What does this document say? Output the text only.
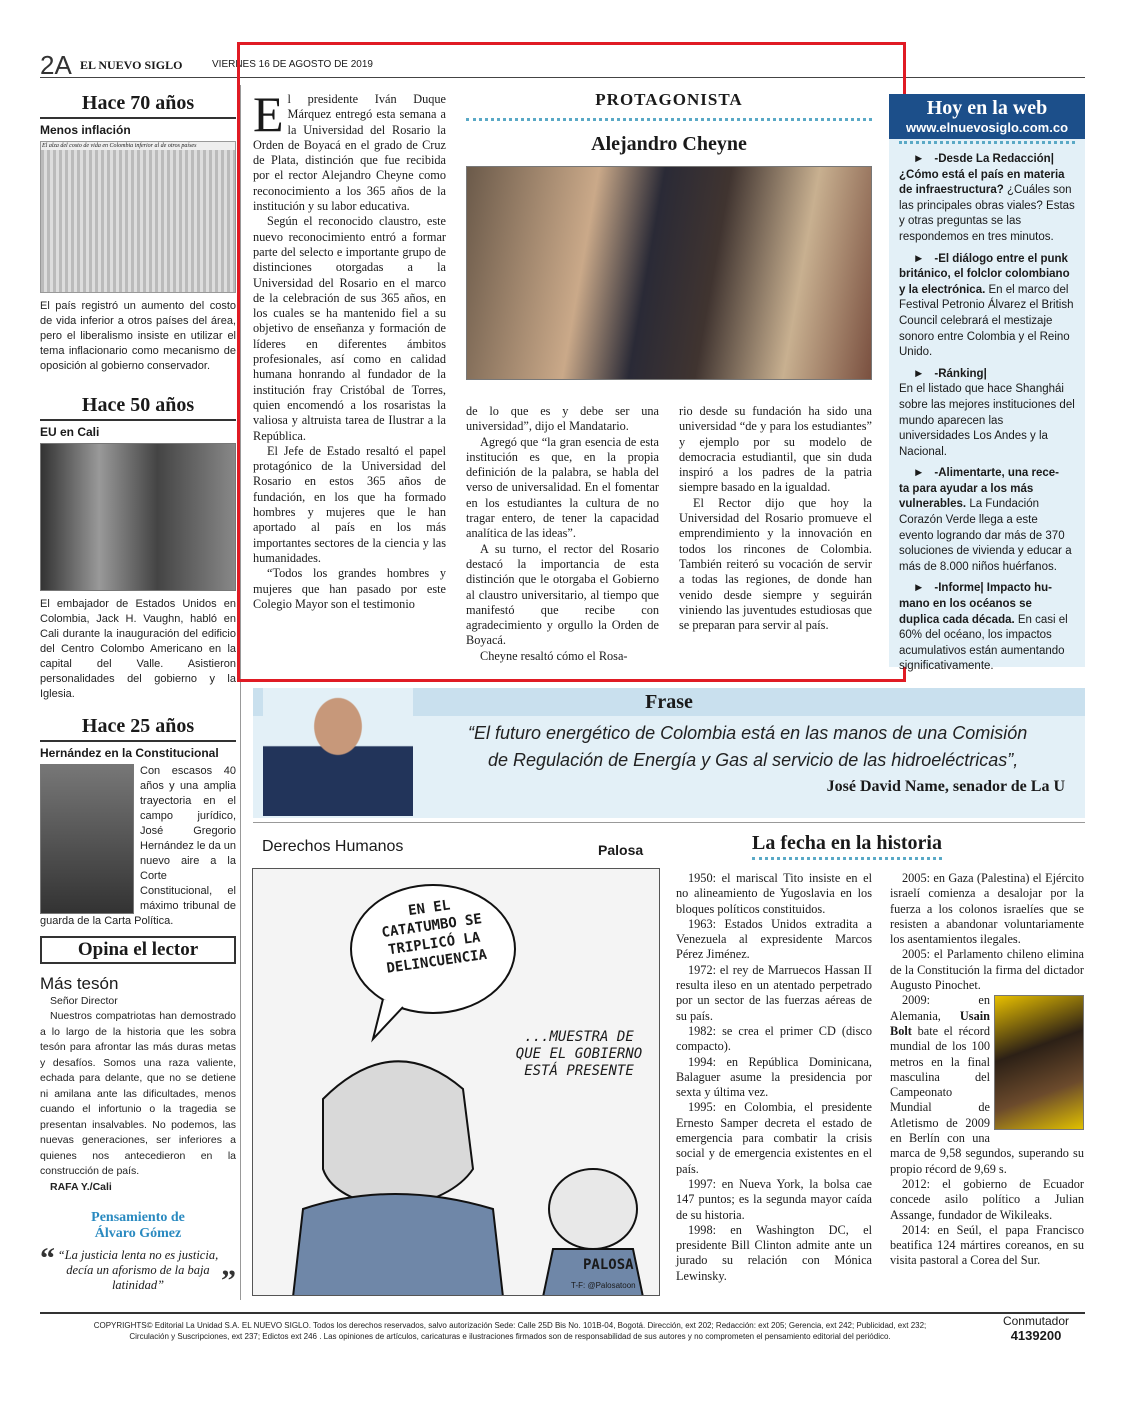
2A EL NUEVO SIGLO	VIERNES 16 DE AGOSTO DE 2019
Hace 70 años
Menos inflación
El alza del costo de vida en Colombia inferior al de otros países
El país registró un aumento del costo de vida inferior a otros países del área, pero el liberalismo insiste en utilizar el tema inflacionario como mecanismo de oposición al gobierno conservador.
Hace 50 años
EU en Cali
El embajador de Estados Unidos en Colombia, Jack H. Vaughn, habló en Cali durante la inauguración del edificio del Centro Colombo Americano en la capital del Valle. Asistieron personalidades del gobierno y la Iglesia.
Hace 25 años
Hernández en la Constitucional
Con escasos 40 años y una amplia trayectoria en el campo jurídico, José Gregorio Hernández le da un nuevo aire a la Corte Constitucional, el máximo tribunal de guarda de la Carta Política.
Opina el lector
Más tesón
Señor Director
Nuestros compatriotas han demostrado a lo largo de la historia que les sobra tesón para afrontar las más duras metas y desafíos. Somos una raza valiente, echada para delante, que no se detiene ni amilana ante las dificultades, menos cuando el infortunio o la tragedia se presentan insalvables. No podemos, las nuevas generaciones, ser inferiores a quienes nos antecedieron en la construcción de país.
RAFA Y./Cali
Pensamiento de
Álvaro Gómez
“ “La justicia lenta no es justicia, decía un aforismo de la baja latinidad”	”

El presidente Iván Duque Márquez entregó esta semana a la Universidad del Rosario la Orden de Boyacá en el grado de Cruz de Plata, distinción que fue recibida por el rector Alejandro Cheyne como reconocimiento a los 365 años de la institución y su labor educativa.

Según el reconocido claustro, este nuevo reconocimiento entró a formar parte del selecto e importante grupo de distinciones otorgadas a la Universidad del Rosario en el marco de la celebración de sus 365 años, en los cuales se ha mantenido fiel a su objetivo de enseñanza y formación de líderes en diferentes ámbitos profesionales, así como en calidad humana honrando al fundador de la institución fray Cristóbal de Torres, quien encomendó a los rosaristas la valiosa y altruista tarea de Ilustrar a la República.

El Jefe de Estado resaltó el papel protagónico de la Universidad del Rosario en estos 365 años de fundación, en los que ha formado hombres y mujeres que le han aportado al país en los más importantes sectores de la ciencia y las humanidades.

“Todos los grandes hombres y mujeres que han pasado por este Colegio Mayor son el testimonio

PROTAGONISTA
Alejandro Cheyne

de lo que es y debe ser una universidad”, dijo el Mandatario.

Agregó que “la gran esencia de esta institución es que, en la propia definición de la palabra, se habla del verso de universalidad. En el fomentar en los estudiantes la cultura de no tragar entero, de tener la capacidad analítica de las ideas”.

A su turno, el rector del Rosario destacó la importancia de esta distinción que le otorgaba el Gobierno al claustro universitario, al tiempo que manifestó que recibe con agradecimiento y orgullo la Orden de Boyacá.

Cheyne resaltó cómo el Rosa-

rio desde su fundación ha sido una universidad “de y para los estudiantes” y ejemplo por su modelo de democracia estudiantil, que sin duda inspiró a los padres de la patria siempre basado en la igualdad.

El Rector dijo que hoy la Universidad del Rosario promueve el emprendimiento y la innovación en todos los rincones de Colombia. También reiteró su vocación de servir a todas las regiones, de donde han venido desde siempre y seguirán viniendo las juventudes estudiosas que se preparan para servir al país.

Hoy en la web
www.elnuevosiglo.com.co
► -Desde La Redacción|
¿Cómo está el país en materia de infraestructura? ¿Cuáles son las principales obras viales? Estas y otras preguntas se las respondemos en tres minutos.
► -El diálogo entre el punk
británico, el folclor colombiano y la electrónica. En el marco del Festival Petronio Álvarez el British Council celebrará el mestizaje sonoro entre Colombia y el Reino Unido.
► -Ránking|
En el listado que hace Shanghái sobre las mejores instituciones del mundo aparecen las universidades Los Andes y la Nacional.
► -Alimentarte, una rece-
ta para ayudar a los más vulnerables. La Fundación Corazón Verde llega a este evento logrando dar más de 370 soluciones de vivienda y educar a más de 8.000 niños huérfanos.
► -Informe| Impacto hu-
mano en los océanos se duplica cada década. En casi el 60% del océano, los impactos acumulativos están aumentando significativamente.
Frase
“El futuro energético de Colombia está en las manos de una Comisión
de Regulación de Energía y Gas al servicio de las hidroeléctricas”,
José David Name, senador de La U
Derechos Humanos	Palosa
EN EL CATATUMBO SE TRIPLICÓ LA DELINCUENCIA
...MUESTRA DE QUE EL GOBIERNO ESTÁ PRESENTE
PALOSA
T-F: @Palosatoon
La fecha en la historia

1950: el mariscal Tito insiste en el no alineamiento de Yugoslavia en los bloques políticos constituidos.

1963: Estados Unidos extradita a Venezuela al expresidente Marcos Pérez Jiménez.

1972: el rey de Marruecos Hassan II resulta ileso en un atentado perpetrado por un sector de las fuerzas aéreas de su país.

1982: se crea el primer CD (disco compacto).

1994: en República Dominicana, Balaguer asume la presidencia por sexta y última vez.

1995: en Colombia, el presidente Ernesto Samper decreta el estado de emergencia para combatir la crisis social y de emergencia existentes en el país.

1997: en Nueva York, la bolsa cae 147 puntos; es la segunda mayor caída de su historia.

1998: en Washington DC, el presidente Bill Clinton admite ante un jurado su relación con Mónica Lewinsky.

2005: en Gaza (Palestina) el Ejército israelí comienza a desalojar por la fuerza a los colonos israelíes que se resisten a abandonar voluntariamente los asentamientos ilegales.

2005: el Parlamento chileno elimina de la Constitución la firma del dictador Augusto Pinochet.

2009: en Alemania, Usain Bolt bate el récord mundial de los 100 metros en la final masculina del Campeonato Mundial de Atletismo de 2009 en Berlín con una marca de 9,58 segundos, superando su propio récord de 9,69 s.

2012: el gobierno de Ecuador concede asilo político a Julian Assange, fundador de Wikileaks.

2014: en Seúl, el papa Francisco beatifica 124 mártires coreanos, en su visita pastoral a Corea del Sur.

COPYRIGHTS© Editorial La Unidad S.A. EL NUEVO SIGLO. Todos los derechos reservados, salvo autorización Sede: Calle 25D Bis No. 101B-04, Bogotá. Dirección, ext 202; Redacción: ext 205; Gerencia, ext 242; Publicidad, ext 232;
Circulación y Suscripciones, ext 237; Edictos ext 246 . Las opiniones de artículos, caricaturas e ilustraciones firmados son de responsabilidad de sus autores y no comprometen el pensamiento editorial del periódico.
Conmutador
4139200
